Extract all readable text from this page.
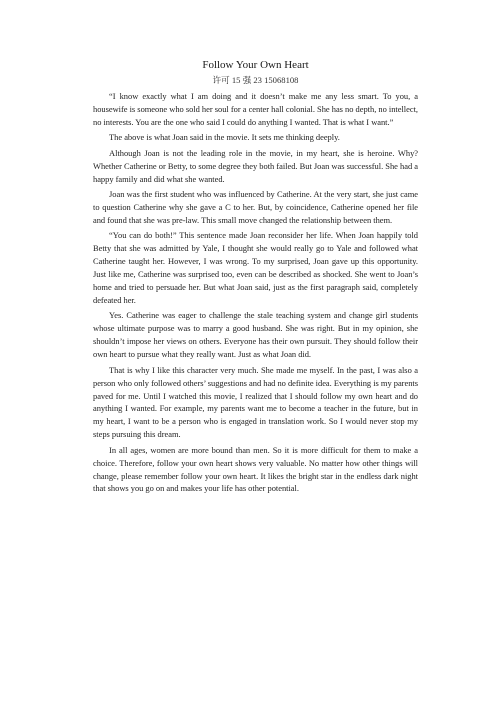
Follow Your Own Heart
许可 15 强 23 15068108

“I know exactly what I am doing and it doesn’t make me any less smart. To you, a housewife is someone who sold her soul for a center hall colonial. She has no depth, no intellect, no interests. You are the one who said I could do anything I wanted. That is what I want.”

The above is what Joan said in the movie. It sets me thinking deeply.

Although Joan is not the leading role in the movie, in my heart, she is heroine. Why? Whether Catherine or Betty, to some degree they both failed. But Joan was successful. She had a happy family and did what she wanted.

Joan was the first student who was influenced by Catherine. At the very start, she just came to question Catherine why she gave a C to her. But, by coincidence, Catherine opened her file and found that she was pre-law. This small move changed the relationship between them.

“You can do both!” This sentence made Joan reconsider her life. When Joan happily told Betty that she was admitted by Yale, I thought she would really go to Yale and followed what Catherine taught her. However, I was wrong. To my surprised, Joan gave up this opportunity. Just like me, Catherine was surprised too, even can be described as shocked. She went to Joan’s home and tried to persuade her. But what Joan said, just as the first paragraph said, completely defeated her.

Yes. Catherine was eager to challenge the stale teaching system and change girl students whose ultimate purpose was to marry a good husband. She was right. But in my opinion, she shouldn’t impose her views on others. Everyone has their own pursuit. They should follow their own heart to pursue what they really want. Just as what Joan did.

That is why I like this character very much. She made me myself. In the past, I was also a person who only followed others’ suggestions and had no definite idea. Everything is my parents paved for me. Until I watched this movie, I realized that I should follow my own heart and do anything I wanted. For example, my parents want me to become a teacher in the future, but in my heart, I want to be a person who is engaged in translation work. So I would never stop my steps pursuing this dream.

In all ages, women are more bound than men. So it is more difficult for them to make a choice. Therefore, follow your own heart shows very valuable. No matter how other things will change, please remember follow your own heart. It likes the bright star in the endless dark night that shows you go on and makes your life has other potential.
